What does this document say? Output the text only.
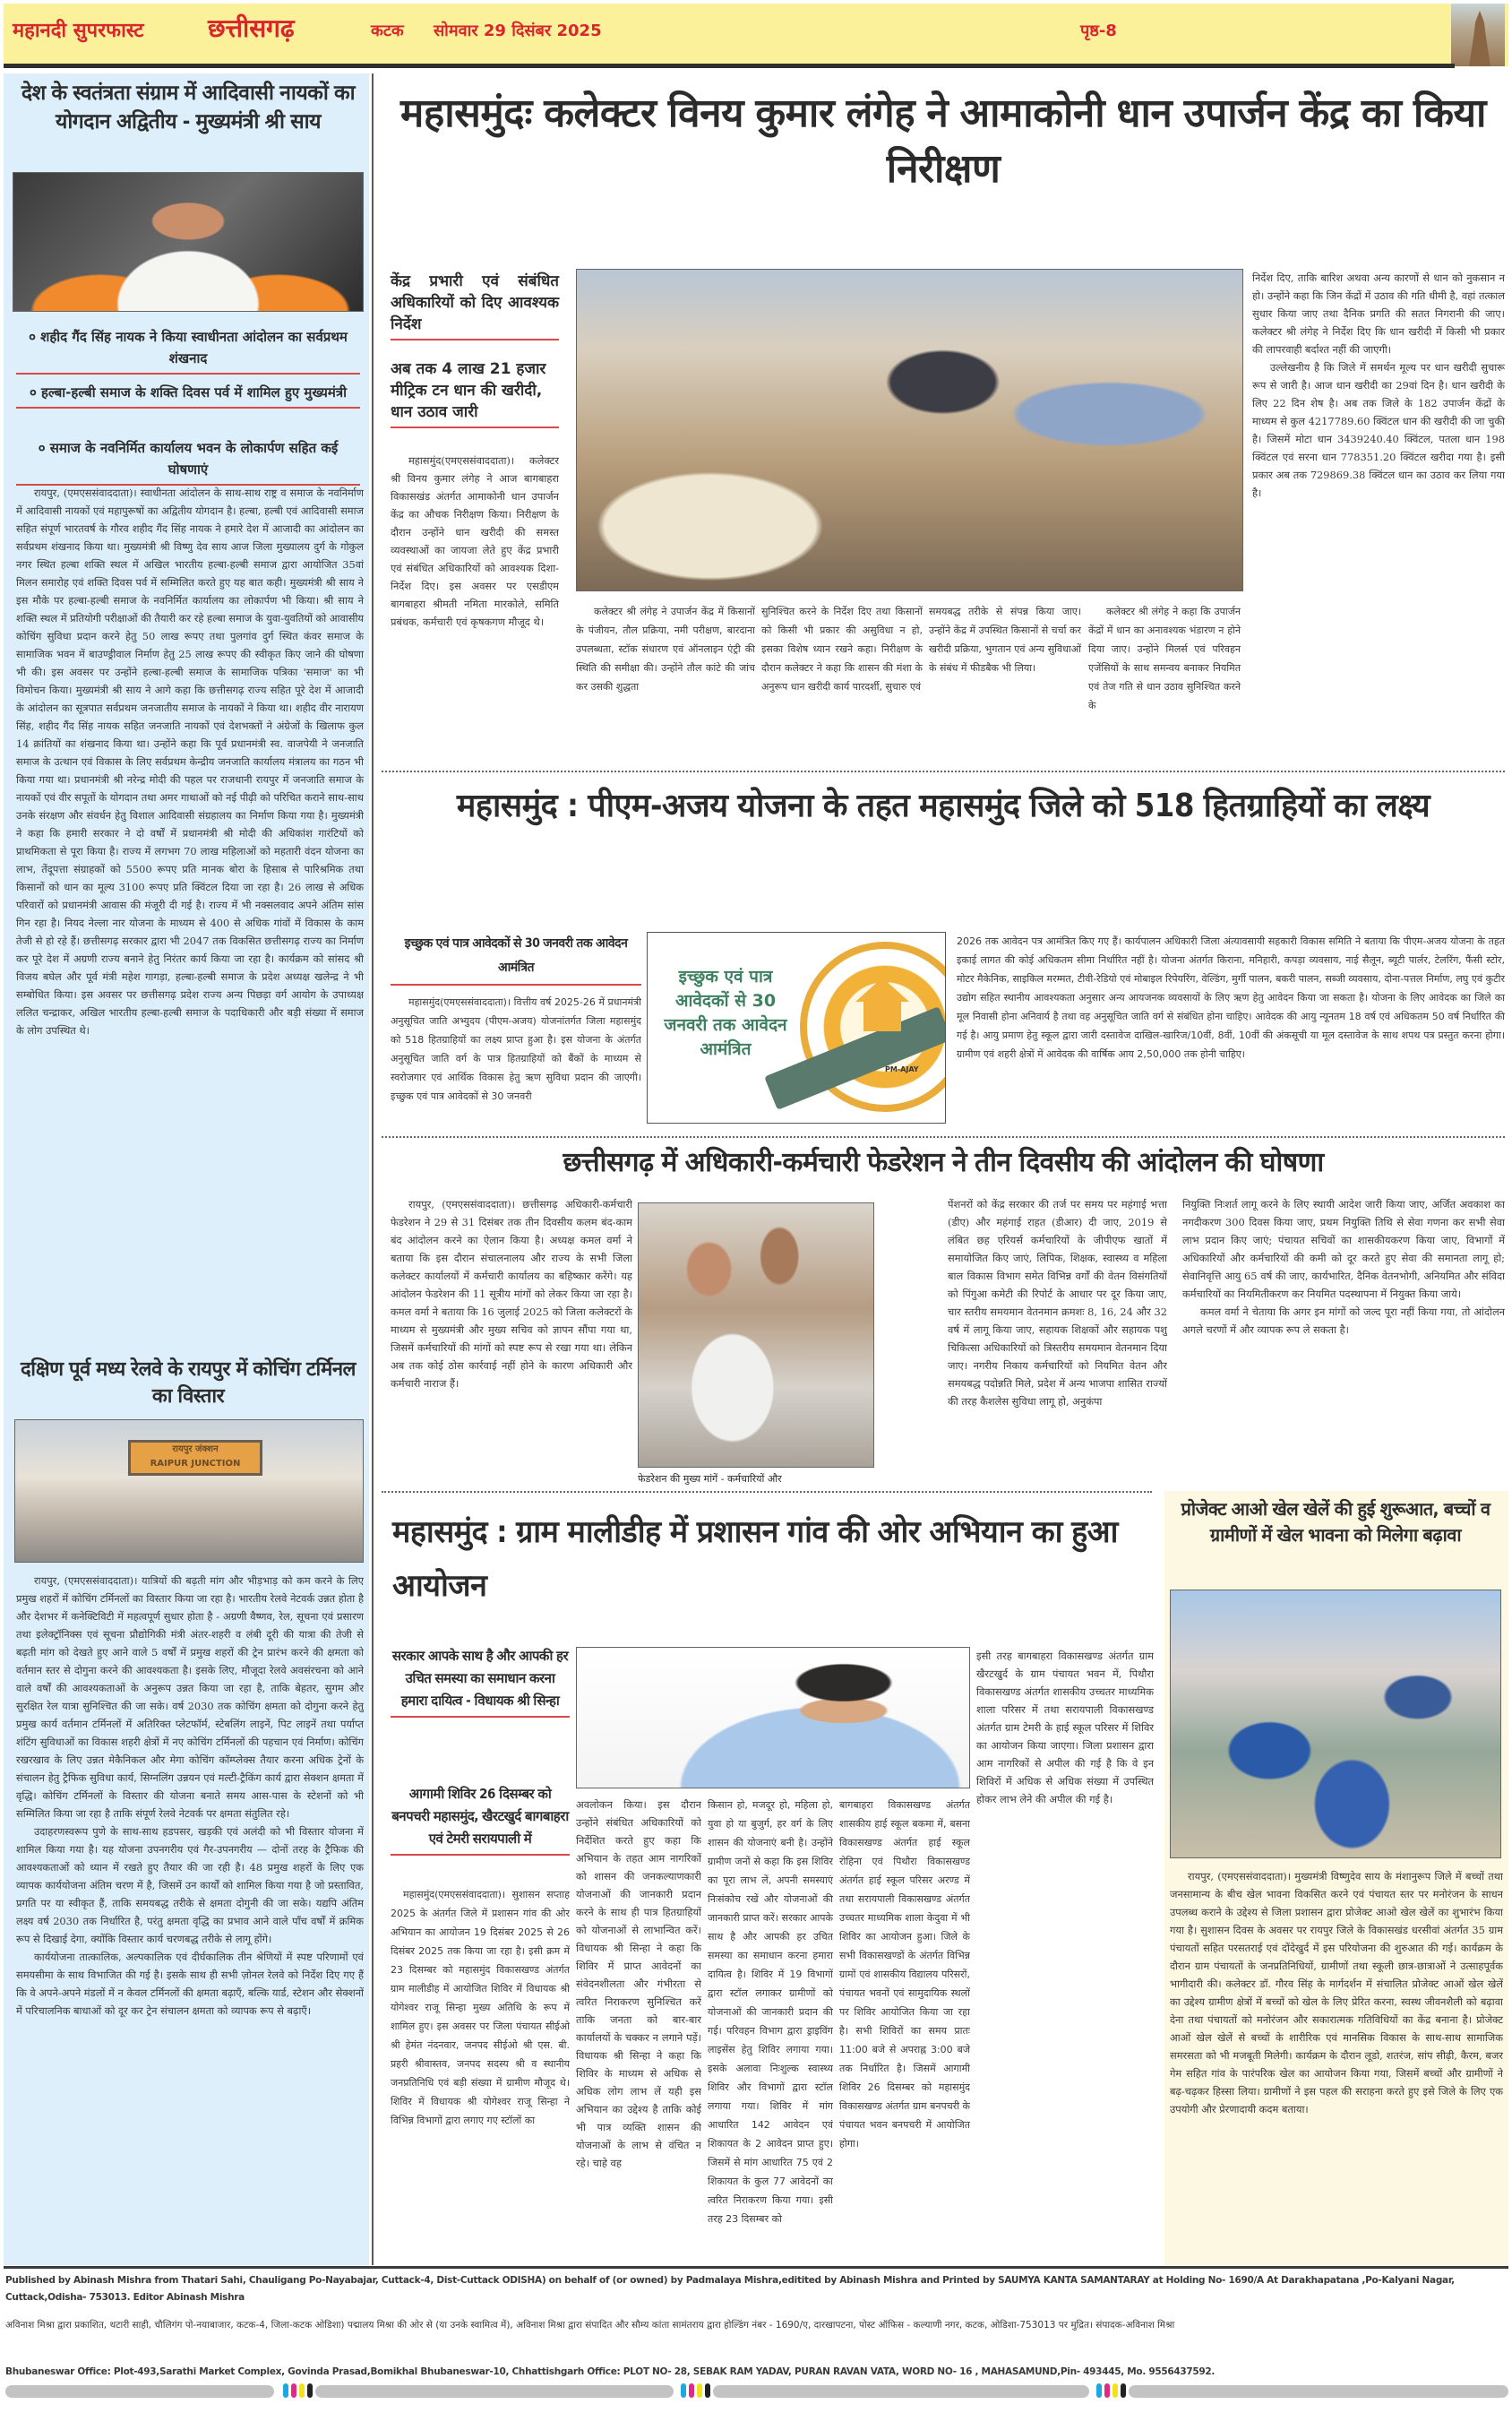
महानदी सुपरफास्ट	छत्तीसगढ़	कटक सोमवार 29 दिसंबर 2025	पृष्ठ-8
देश के स्वतंत्रता संग्राम में आदिवासी नायकों का योगदान अद्वितीय - मुख्यमंत्री श्री साय
० शहीद गैंद सिंह नायक ने किया स्वाधीनता आंदोलन का सर्वप्रथम शंखनाद
० हल्बा-हल्बी समाज के शक्ति दिवस पर्व में शामिल हुए मुख्यमंत्री
० समाज के नवनिर्मित कार्यालय भवन के लोकार्पण सहित कई घोषणाएं

रायपुर, (एमएससंवाददाता)। स्वाधीनता आंदोलन के साथ-साथ राष्ट्र व समाज के नवनिर्माण में आदिवासी नायकों एवं महापुरूषों का अद्वितीय योगदान है। हल्बा, हल्बी एवं आदिवासी समाज सहित संपूर्ण भारतवर्ष के गौरव शहीद गैंद सिंह नायक ने हमारे देश में आजादी का आंदोलन का सर्वप्रथम शंखनाद किया था। मुख्यमंत्री श्री विष्णु देव साय आज जिला मुख्यालय दुर्ग के गोकुल नगर स्थित हल्बा शक्ति स्थल में अखिल भारतीय हल्बा-हल्बी समाज द्वारा आयोजित 35वां मिलन समारोह एवं शक्ति दिवस पर्व में सम्मिलित करते हुए यह बात कही। मुख्यमंत्री श्री साय ने इस मौके पर हल्बा-हल्बी समाज के नवनिर्मित कार्यालय का लोकार्पण भी किया। श्री साय ने शक्ति स्थल में प्रतियोगी परीक्षाओं की तैयारी कर रहे हल्बा समाज के युवा-युवतियों को आवासीय कोचिंग सुविधा प्रदान करने हेतु 50 लाख रूपए तथा पुलगांव दुर्ग स्थित कंवर समाज के सामाजिक भवन में बाउण्ड्रीवाल निर्माण हेतु 25 लाख रूपए की स्वीकृत किए जाने की घोषणा भी की। इस अवसर पर उन्होंने हल्बा-हल्बी समाज के सामाजिक पत्रिका 'समाज' का भी विमोचन किया। मुख्यमंत्री श्री साय ने आगे कहा कि छत्तीसगढ़ राज्य सहित पूरे देश में आजादी के आंदोलन का सूत्रपात सर्वप्रथम जनजातीय समाज के नायकों ने किया था। शहीद वीर नारायण सिंह, शहीद गैंद सिंह नायक सहित जनजाति नायकों एवं देशभक्तों ने अंग्रेजों के खिलाफ कुल 14 क्रांतियों का शंखनाद किया था। उन्होंने कहा कि पूर्व प्रधानमंत्री स्व. वाजपेयी ने जनजाति समाज के उत्थान एवं विकास के लिए सर्वप्रथम केन्द्रीय जनजाति कार्यालय मंत्रालय का गठन भी किया गया था। प्रधानमंत्री श्री नरेन्द्र मोदी की पहल पर राजधानी रायपुर में जनजाति समाज के नायकों एवं वीर सपूतों के योगदान तथा अमर गाथाओं को नई पीढ़ी को परिचित कराने साथ-साथ उनके संरक्षण और संवर्धन हेतु विशाल आदिवासी संग्रहालय का निर्माण किया गया है। मुख्यमंत्री ने कहा कि हमारी सरकार ने दो वर्षों में प्रधानमंत्री श्री मोदी की अधिकांश गारंटियों को प्राथमिकता से पूरा किया है। राज्य में लगभग 70 लाख महिलाओं को महतारी वंदन योजना का लाभ, तेंदूपत्ता संग्राहकों को 5500 रूपए प्रति मानक बोरा के हिसाब से पारिश्रमिक तथा किसानों को धान का मूल्य 3100 रूपए प्रति क्विंटल दिया जा रहा है। 26 लाख से अधिक परिवारों को प्रधानमंत्री आवास की मंजूरी दी गई है। राज्य में भी नक्सलवाद अपने अंतिम सांस गिन रहा है। नियद नेल्ला नार योजना के माध्यम से 400 से अधिक गांवों में विकास के काम तेजी से हो रहे हैं। छत्तीसगढ़ सरकार द्वारा भी 2047 तक विकसित छत्तीसगढ़ राज्य का निर्माण कर पूरे देश में अग्रणी राज्य बनाने हेतु निरंतर कार्य किया जा रहा है। कार्यक्रम को सांसद श्री विजय बघेल और पूर्व मंत्री महेश गागड़ा, हल्बा-हल्बी समाज के प्रदेश अध्यक्ष खलेन्द्र ने भी सम्बोधित किया। इस अवसर पर छत्तीसगढ़ प्रदेश राज्य अन्य पिछड़ा वर्ग आयोग के उपाध्यक्ष ललित चन्द्राकर, अखिल भारतीय हल्बा-हल्बी समाज के पदाधिकारी और बड़ी संख्या में समाज के लोग उपस्थित थे।

दक्षिण पूर्व मध्य रेलवे के रायपुर में कोचिंग टर्मिनल का विस्तार
रायपुर जंक्शन
RAIPUR JUNCTION

रायपुर, (एमएससंवाददाता)। यात्रियों की बढ़ती मांग और भीड़भाड़ को कम करने के लिए प्रमुख शहरों में कोचिंग टर्मिनलों का विस्तार किया जा रहा है। भारतीय रेलवे नेटवर्क उन्नत होता है और देशभर में कनेक्टिविटी में महत्वपूर्ण सुधार होता है - अग्रणी वैष्णव, रेल, सूचना एवं प्रसारण तथा इलेक्ट्रॉनिक्स एवं सूचना प्रौद्योगिकी मंत्री अंतर-शहरी व लंबी दूरी की यात्रा की तेजी से बढ़ती मांग को देखते हुए आने वाले 5 वर्षों में प्रमुख शहरों की ट्रेन प्रारंभ करने की क्षमता को वर्तमान स्तर से दोगुना करने की आवश्यकता है। इसके लिए, मौजूदा रेलवे अवसंरचना को आने वाले वर्षों की आवश्यकताओं के अनुरूप उन्नत किया जा रहा है, ताकि बेहतर, सुगम और सुरक्षित रेल यात्रा सुनिश्चित की जा सके। वर्ष 2030 तक कोचिंग क्षमता को दोगुना करने हेतु प्रमुख कार्य वर्तमान टर्मिनलों में अतिरिक्त प्लेटफॉर्म, स्टेबलिंग लाइनें, पिट लाइनें तथा पर्याप्त शंटिंग सुविधाओं का विकास शहरी क्षेत्रों में नए कोचिंग टर्मिनलों की पहचान एवं निर्माण। कोचिंग रखरखाव के लिए उन्नत मेकैनिकल और मेगा कोचिंग कॉम्प्लेक्स तैयार करना अधिक ट्रेनों के संचालन हेतु ट्रैफिक सुविधा कार्य, सिग्नलिंग उन्नयन एवं मल्टी-ट्रैकिंग कार्य द्वारा सेक्शन क्षमता में वृद्धि। कोचिंग टर्मिनलों के विस्तार की योजना बनाते समय आस-पास के स्टेशनों को भी सम्मिलित किया जा रहा है ताकि संपूर्ण रेलवे नेटवर्क पर क्षमता संतुलित रहे।

उदाहरणस्वरूप पुणे के साथ-साथ हडपसर, खड़की एवं अलंदी को भी विस्तार योजना में शामिल किया गया है। यह योजना उपनगरीय एवं गैर-उपनगरीय — दोनों तरह के ट्रैफिक की आवश्यकताओं को ध्यान में रखते हुए तैयार की जा रही है। 48 प्रमुख शहरों के लिए एक व्यापक कार्ययोजना अंतिम चरण में है, जिसमें उन कार्यों को शामिल किया गया है जो प्रस्तावित, प्रगति पर या स्वीकृत हैं, ताकि समयबद्ध तरीके से क्षमता दोगुनी की जा सके। यद्यपि अंतिम लक्ष्य वर्ष 2030 तक निर्धारित है, परंतु क्षमता वृद्धि का प्रभाव आने वाले पाँच वर्षों में क्रमिक रूप से दिखाई देगा, क्योंकि विस्तार कार्य चरणबद्ध तरीके से लागू होंगे।

कार्ययोजना तात्कालिक, अल्पकालिक एवं दीर्घकालिक तीन श्रेणियों में स्पष्ट परिणामों एवं समयसीमा के साथ विभाजित की गई है। इसके साथ ही सभी ज़ोनल रेलवे को निर्देश दिए गए हैं कि वे अपने-अपने मंडलों में न केवल टर्मिनलों की क्षमता बढ़ाएँ, बल्कि यार्ड, स्टेशन और सेक्शनों में परिचालनिक बाधाओं को दूर कर ट्रेन संचालन क्षमता को व्यापक रूप से बढ़ाएँ।

महासमुंदः कलेक्टर विनय कुमार लंगेह ने आमाकोनी धान उपार्जन केंद्र का किया निरीक्षण
केंद्र प्रभारी एवं संबंधित अधिकारियों को दिए आवश्यक निर्देश
अब तक 4 लाख 21 हजार मीट्रिक टन धान की खरीदी, धान उठाव जारी

महासमुंद(एमएससंवाददाता)। कलेक्टर श्री विनय कुमार लंगेह ने आज बागबाहरा विकासखंड अंतर्गत आमाकोनी धान उपार्जन केंद्र का औचक निरीक्षण किया। निरीक्षण के दौरान उन्होंने धान खरीदी की समस्त व्यवस्थाओं का जायजा लेते हुए केंद्र प्रभारी एवं संबंधित अधिकारियों को आवश्यक दिशा-निर्देश दिए। इस अवसर पर एसडीएम बागबाहरा श्रीमती नमिता मारकोले, समिति प्रबंधक, कर्मचारी एवं कृषकगण मौजूद थे।

कलेक्टर श्री लंगेह ने उपार्जन केंद्र में किसानों के पंजीयन, तौल प्रक्रिया, नमी परीक्षण, बारदाना उपलब्धता, स्टॉक संधारण एवं ऑनलाइन एंट्री की स्थिति की समीक्षा की। उन्होंने तौल कांटे की जांच कर उसकी शुद्धता

सुनिश्चित करने के निर्देश दिए तथा किसानों को किसी भी प्रकार की असुविधा न हो, इसका विशेष ध्यान रखने कहा। निरीक्षण के दौरान कलेक्टर ने कहा कि शासन की मंशा के अनुरूप धान खरीदी कार्य पारदर्शी, सुचारु एवं

समयबद्ध तरीके से संपन्न किया जाए। उन्होंने केंद्र में उपस्थित किसानों से चर्चा कर खरीदी प्रक्रिया, भुगतान एवं अन्य सुविधाओं के संबंध में फीडबैक भी लिया।

कलेक्टर श्री लंगेह ने कहा कि उपार्जन केंद्रों में धान का अनावश्यक भंडारण न होने दिया जाए। उन्होंने मिलर्स एवं परिवहन एजेंसियों के साथ समन्वय बनाकर नियमित एवं तेज गति से धान उठाव सुनिश्चित करने के

निर्देश दिए, ताकि बारिश अथवा अन्य कारणों से धान को नुकसान न हो। उन्होंने कहा कि जिन केंद्रों में उठाव की गति धीमी है, वहां तत्काल सुधार किया जाए तथा दैनिक प्रगति की सतत निगरानी की जाए। कलेक्टर श्री लंगेह ने निर्देश दिए कि धान खरीदी में किसी भी प्रकार की लापरवाही बर्दाश्त नहीं की जाएगी।

उल्लेखनीय है कि जिले में समर्थन मूल्य पर धान खरीदी सुचारू रूप से जारी है। आज धान खरीदी का 29वां दिन है। धान खरीदी के लिए 22 दिन शेष है। अब तक जिले के 182 उपार्जन केंद्रों के माध्यम से कुल 4217789.60 क्विंटल धान की खरीदी की जा चुकी है। जिसमें मोटा धान 3439240.40 क्विंटल, पतला धान 198 क्विंटल एवं सरना धान 778351.20 क्विंटल खरीदा गया है। इसी प्रकार अब तक 729869.38 क्विंटल धान का उठाव कर लिया गया है।

महासमुंद : पीएम-अजय योजना के तहत महासमुंद जिले को 518 हितग्राहियों का लक्ष्य
इच्छुक एवं पात्र आवेदकों से 30 जनवरी तक आवेदन आमंत्रित

महासमुंद(एमएससंवाददाता)। वित्तीय वर्ष 2025-26 में प्रधानमंत्री अनुसूचित जाति अभ्युदय (पीएम-अजय) योजनांतर्गत जिला महासमुंद को 518 हितग्राहियों का लक्ष्य प्राप्त हुआ है। इस योजना के अंतर्गत अनुसूचित जाति वर्ग के पात्र हितग्राहियों को बैंकों के माध्यम से स्वरोजगार एवं आर्थिक विकास हेतु ऋण सुविधा प्रदान की जाएगी। इच्छुक एवं पात्र आवेदकों से 30 जनवरी

इच्छुक एवं पात्र आवेदकों से 30 जनवरी तक आवेदन आमंत्रित
PM-AJAY

2026 तक आवेदन पत्र आमंत्रित किए गए हैं। कार्यपालन अधिकारी जिला अंत्यावसायी सहकारी विकास समिति ने बताया कि पीएम-अजय योजना के तहत इकाई लागत की कोई अधिकतम सीमा निर्धारित नहीं है। योजना अंतर्गत किराना, मनिहारी, कपड़ा व्यवसाय, नाई सैलून, ब्यूटी पार्लर, टेलरिंग, फैंसी स्टोर, मोटर मैकेनिक, साइकिल मरम्मत, टीवी-रेडियो एवं मोबाइल रिपेयरिंग, वेल्डिंग, मुर्गी पालन, बकरी पालन, सब्जी व्यवसाय, दोना-पत्तल निर्माण, लघु एवं कुटीर उद्योग सहित स्थानीय आवश्यकता अनुसार अन्य आयजनक व्यवसायों के लिए ऋण हेतु आवेदन किया जा सकता है। योजना के लिए आवेदक का जिले का मूल निवासी होना अनिवार्य है तथा वह अनुसूचित जाति वर्ग से संबंधित होना चाहिए। आवेदक की आयु न्यूनतम 18 वर्ष एवं अधिकतम 50 वर्ष निर्धारित की गई है। आयु प्रमाण हेतु स्कूल द्वारा जारी दस्तावेज दाखिल-खारिज/10वीं, 8वीं, 10वीं की अंकसूची या मूल दस्तावेज के साथ शपथ पत्र प्रस्तुत करना होगा। ग्रामीण एवं शहरी क्षेत्रों में आवेदक की वार्षिक आय 2,50,000 तक होनी चाहिए।

छत्तीसगढ़ में अधिकारी-कर्मचारी फेडरेशन ने तीन दिवसीय की आंदोलन की घोषणा

रायपुर, (एमएससंवाददाता)। छत्तीसगढ़ अधिकारी-कर्मचारी फेडरेशन ने 29 से 31 दिसंबर तक तीन दिवसीय कलम बंद-काम बंद आंदोलन करने का ऐलान किया है। अध्यक्ष कमल वर्मा ने बताया कि इस दौरान संचालनालय और राज्य के सभी जिला कलेक्टर कार्यालयों में कर्मचारी कार्यालय का बहिष्कार करेंगे। यह आंदोलन फेडरेशन की 11 सूत्रीय मांगों को लेकर किया जा रहा है। कमल वर्मा ने बताया कि 16 जुलाई 2025 को जिला कलेक्टरों के माध्यम से मुख्यमंत्री और मुख्य सचिव को ज्ञापन सौंपा गया था, जिसमें कर्मचारियों की मांगों को स्पष्ट रूप से रखा गया था। लेकिन अब तक कोई ठोस कार्रवाई नहीं होने के कारण अधिकारी और कर्मचारी नाराज हैं।

फेडरेशन की मुख्य मांगें - कर्मचारियों और

पेंशनरों को केंद्र सरकार की तर्ज पर समय पर महंगाई भत्ता (डीए) और महंगाई राहत (डीआर) दी जाए, 2019 से लंबित छह एरियर्स कर्मचारियों के जीपीएफ खातों में समायोजित किए जाएं, लिपिक, शिक्षक, स्वास्थ्य व महिला बाल विकास विभाग समेत विभिन्न वर्गों की वेतन विसंगतियों को पिंगुआ कमेटी की रिपोर्ट के आधार पर दूर किया जाए, चार स्तरीय समयमान वेतनमान क्रमशः 8, 16, 24 और 32 वर्ष में लागू किया जाए, सहायक शिक्षकों और सहायक पशु चिकित्सा अधिकारियों को त्रिस्तरीय समयमान वेतनमान दिया जाए। नगरीय निकाय कर्मचारियों को नियमित वेतन और समयबद्ध पदोन्नति मिले, प्रदेश में अन्य भाजपा शासित राज्यों की तरह कैशलेस सुविधा लागू हो, अनुकंपा

नियुक्ति निःशर्त लागू करने के लिए स्थायी आदेश जारी किया जाए, अर्जित अवकाश का नगदीकरण 300 दिवस किया जाए, प्रथम नियुक्ति तिथि से सेवा गणना कर सभी सेवा लाभ प्रदान किए जाएं; पंचायत सचिवों का शासकीयकरण किया जाए, विभागों में अधिकारियों और कर्मचारियों की कमी को दूर करते हुए सेवा की समानता लागू हो; सेवानिवृत्ति आयु 65 वर्ष की जाए, कार्यभारित, दैनिक वेतनभोगी, अनियमित और संविदा कर्मचारियों का नियमितीकरण कर नियमित पदस्थापना में नियुक्त किया जाये।

कमल वर्मा ने चेताया कि अगर इन मांगों को जल्द पूरा नहीं किया गया, तो आंदोलन अगले चरणों में और व्यापक रूप ले सकता है।

महासमुंद : ग्राम मालीडीह में प्रशासन गांव की ओर अभियान का हुआ आयोजन
सरकार आपके साथ है और आपकी हर उचित समस्या का समाधान करना हमारा दायित्व - विधायक श्री सिन्हा
आगामी शिविर 26 दिसम्बर को बनपचरी महासमुंद, खैरटखुर्द बागबाहरा एवं टेमरी सरायपाली में

महासमुंद(एमएससंवाददाता)। सुशासन सप्ताह 2025 के अंतर्गत जिले में प्रशासन गांव की ओर अभियान का आयोजन 19 दिसंबर 2025 से 26 दिसंबर 2025 तक किया जा रहा है। इसी क्रम में 23 दिसम्बर को महासमुंद विकासखण्ड अंतर्गत ग्राम मालीडीह में आयोजित शिविर में विधायक श्री योगेश्वर राजू सिन्हा मुख्य अतिथि के रूप में शामिल हुए। इस अवसर पर जिला पंचायत सीईओ श्री हेमंत नंदनवार, जनपद सीईओ श्री एस. बी. प्रहरी श्रीवास्तव, जनपद सदस्य श्री व स्थानीय जनप्रतिनिधि एवं बड़ी संख्या में ग्रामीण मौजूद थे। शिविर में विधायक श्री योगेश्वर राजू सिन्हा ने विभिन्न विभागों द्वारा लगाए गए स्टॉलों का

अवलोकन किया। इस दौरान उन्होंने संबंधित अधिकारियों को निर्देशित करते हुए कहा कि अभियान के तहत आम नागरिकों को शासन की जनकल्याणकारी योजनाओं की जानकारी प्रदान करने के साथ ही पात्र हितग्राहियों को योजनाओं से लाभान्वित करें। विधायक श्री सिन्हा ने कहा कि शिविर में प्राप्त आवेदनों का संवेदनशीलता और गंभीरता से त्वरित निराकरण सुनिश्चित करें ताकि जनता को बार-बार कार्यालयों के चक्कर न लगाने पड़ें। विधायक श्री सिन्हा ने कहा कि शिविर के माध्यम से अधिक से अधिक लोग लाभ लें यही इस अभियान का उद्देश्य है ताकि कोई भी पात्र व्यक्ति शासन की योजनाओं के लाभ से वंचित न रहे। चाहे वह

किसान हो, मजदूर हो, महिला हो, युवा हो या बुजुर्ग, हर वर्ग के लिए शासन की योजनाएं बनी है। उन्होंने ग्रामीण जनों से कहा कि इस शिविर का पूरा लाभ लें, अपनी समस्याएं निःसंकोच रखें और योजनाओं की जानकारी प्राप्त करें। सरकार आपके साथ है और आपकी हर उचित समस्या का समाधान करना हमारा दायित्व है। शिविर में 19 विभागों द्वारा स्टॉल लगाकर ग्रामीणों को योजनाओं की जानकारी प्रदान की गई। परिवहन विभाग द्वारा ड्राइविंग लाइसेंस हेतु शिविर लगाया गया। इसके अलावा निःशुल्क स्वास्थ्य शिविर और विभागों द्वारा स्टॉल लगाया गया। शिविर में मांग आधारित 142 आवेदन एवं शिकायत के 2 आवेदन प्राप्त हुए। जिसमें से मांग आधारित 75 एवं 2 शिकायत के कुल 77 आवेदनों का त्वरित निराकरण किया गया। इसी तरह 23 दिसम्बर को

बागबाहरा विकासखण्ड अंतर्गत शासकीय हाई स्कूल बकमा में, बसना विकासखण्ड अंतर्गत हाई स्कूल रोहिना एवं पिथौरा विकासखण्ड अंतर्गत हाई स्कूल परिसर अरण्ड में तथा सरायपाली विकासखण्ड अंतर्गत उच्चतर माध्यमिक शाला केदुवा में भी शिविर का आयोजन हुआ। जिले के सभी विकासखण्डों के अंतर्गत विभिन्न ग्रामों एवं शासकीय विद्यालय परिसरों, पंचायत भवनों एवं सामुदायिक स्थलों पर शिविर आयोजित किया जा रहा है। सभी शिविरों का समय प्रातः 11:00 बजे से अपराह्न 3:00 बजे तक निर्धारित है। जिसमें आगामी शिविर 26 दिसम्बर को महासमुंद विकासखण्ड अंतर्गत ग्राम बनपचरी के पंचायत भवन बनपचरी में आयोजित होगा।

इसी तरह बागबाहरा विकासखण्ड अंतर्गत ग्राम खैरटखुर्द के ग्राम पंचायत भवन में, पिथौरा विकासखण्ड अंतर्गत शासकीय उच्चतर माध्यमिक शाला परिसर में तथा सरायपाली विकासखण्ड अंतर्गत ग्राम टेमरी के हाई स्कूल परिसर में शिविर का आयोजन किया जाएगा। जिला प्रशासन द्वारा आम नागरिकों से अपील की गई है कि वे इन शिविरों में अधिक से अधिक संख्या में उपस्थित होकर लाभ लेने की अपील की गई है।

प्रोजेक्ट आओ खेल खेलें की हुई शुरूआत, बच्चों व ग्रामीणों में खेल भावना को मिलेगा बढ़ावा

रायपुर, (एमएससंवाददाता)। मुख्यमंत्री विष्णुदेव साय के मंशानुरूप जिले में बच्चों तथा जनसामान्य के बीच खेल भावना विकसित करने एवं पंचायत स्तर पर मनोरंजन के साधन उपलब्ध कराने के उद्देश्य से जिला प्रशासन द्वारा प्रोजेक्ट आओ खेल खेलें का शुभारंभ किया गया है। सुशासन दिवस के अवसर पर रायपुर जिले के विकासखंड धरसीवां अंतर्गत 35 ग्राम पंचायतों सहित परसतराई एवं दोंदेखुर्द में इस परियोजना की शुरुआत की गई। कार्यक्रम के दौरान ग्राम पंचायतों के जनप्रतिनिधियों, ग्रामीणों तथा स्कूली छात्र-छात्राओं ने उत्साहपूर्वक भागीदारी की। कलेक्टर डॉ. गौरव सिंह के मार्गदर्शन में संचालित प्रोजेक्ट आओं खेल खेलें का उद्देश्य ग्रामीण क्षेत्रों में बच्चों को खेल के लिए प्रेरित करना, स्वस्थ जीवनशैली को बढ़ावा देना तथा पंचायतों को मनोरंजन और सकारात्मक गतिविधियों का केंद्र बनाना है। प्रोजेक्ट आओं खेल खेलें से बच्चों के शारीरिक एवं मानसिक विकास के साथ-साथ सामाजिक समरसता को भी मजबूती मिलेगी। कार्यक्रम के दौरान लूडो, शतरंज, सांप सीढ़ी, कैरम, बजर गेम सहित गांव के पारंपरिक खेल का आयोजन किया गया, जिसमें बच्चों और ग्रामीणों ने बढ़-चढ़कर हिस्सा लिया। ग्रामीणों ने इस पहल की सराहना करते हुए इसे जिले के लिए एक उपयोगी और प्रेरणादायी कदम बताया।

Published by Abinash Mishra from Thatari Sahi, Chauligang Po-Nayabajar, Cuttack-4, Dist-Cuttack ODISHA) on behalf of (or owned) by Padmalaya Mishra,editited by Abinash Mishra and Printed by SAUMYA KANTA SAMANTARAY at Holding No- 1690/A At Darakhapatana ,Po-Kalyani Nagar, Cuttack,Odisha- 753013. Editor Abinash Mishra
अविनाश मिश्रा द्वारा प्रकाशित, थटारी साही, चौलिगंग पो-नयाबाजार, कटक-4, जिला-कटक ओडिशा) पद्मालय मिश्रा की ओर से (या उनके स्वामित्व में), अविनाश मिश्रा द्वारा संपादित और सौम्य कांता सामंतराय द्वारा होल्डिंग नंबर - 1690/ए, दारखापटना, पोस्ट ऑफिस - कल्याणी नगर, कटक, ओडिशा-753013 पर मुद्रित। संपादक-अविनाश मिश्रा
Bhubaneswar Office: Plot-493,Sarathi Market Complex, Govinda Prasad,Bomikhal Bhubaneswar-10, Chhattishgarh Office: PLOT NO- 28, SEBAK RAM YADAV, PURAN RAVAN VATA, WORD NO- 16 , MAHASAMUND,Pin- 493445, Mo. 9556437592.
